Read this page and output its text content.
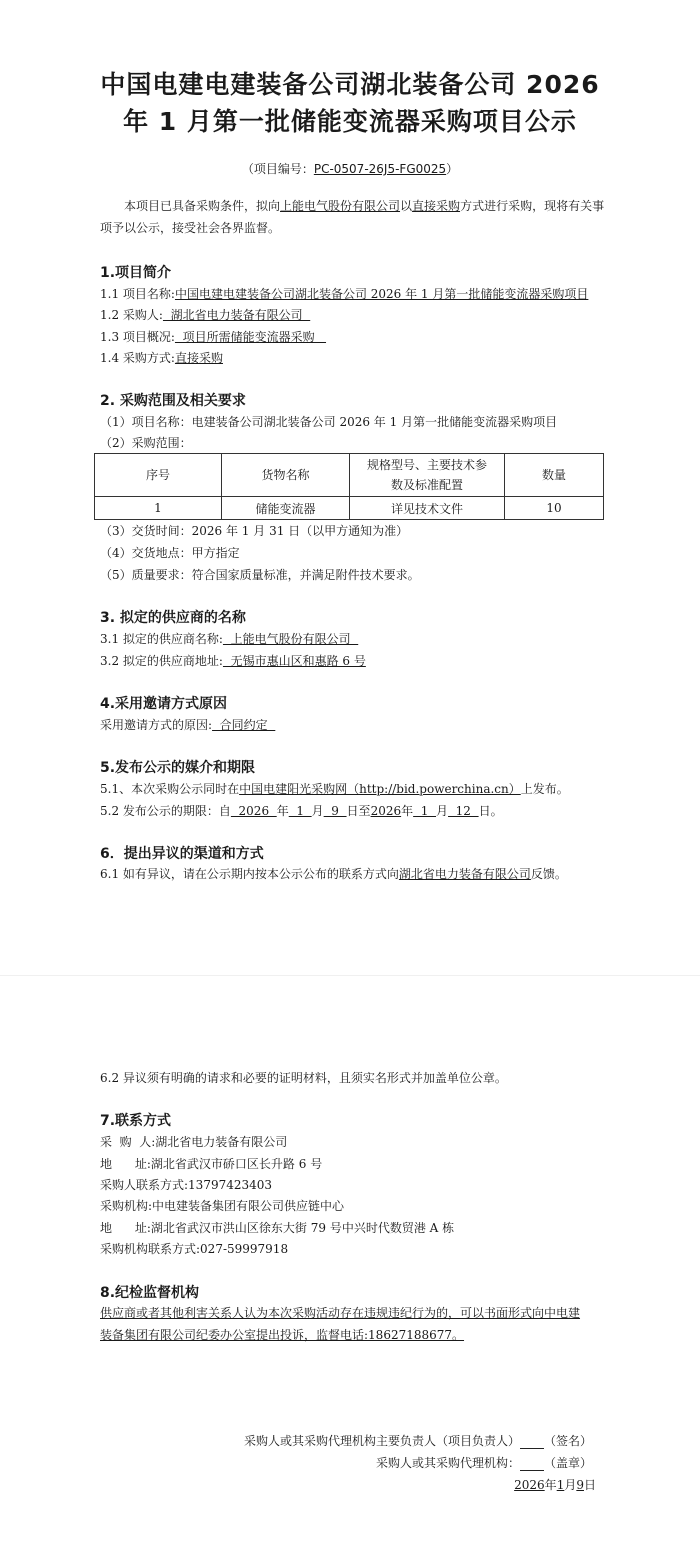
中国电建电建装备公司湖北装备公司 2026
年 1 月第一批储能变流器采购项目公示
（项目编号：PC-0507-26J5-FG0025）
本项目已具备采购条件，拟向上能电气股份有限公司以直接采购方式进行采购，现将有关事项予以公示，接受社会各界监督。
1.项目简介
1.1 项目名称:中国电建电建装备公司湖北装备公司 2026 年 1 月第一批储能变流器采购项目
1.2 采购人:  湖北省电力装备有限公司
1.3 项目概况:  项目所需储能变流器采购
1.4 采购方式:直接采购
2. 采购范围及相关要求
（1）项目名称：电建装备公司湖北装备公司 2026 年 1 月第一批储能变流器采购项目
（2）采购范围：
序号	货物名称	规格型号、主要技术参数及标准配置	数量
1	储能变流器	详见技术文件	10
（3）交货时间：2026 年 1 月 31 日（以甲方通知为准）
（4）交货地点：甲方指定
（5）质量要求：符合国家质量标准，并满足附件技术要求。
3. 拟定的供应商的名称
3.1 拟定的供应商名称:  上能电气股份有限公司
3.2 拟定的供应商地址:  无锡市惠山区和惠路 6 号
4.采用邀请方式原因
采用邀请方式的原因:  合同约定
5.发布公示的媒介和期限
5.1、本次采购公示同时在中国电建阳光采购网（http://bid.powerchina.cn）上发布。
5.2 发布公示的期限：自  2026  年  1  月  9  日至2026年  1  月  12  日。
6．提出异议的渠道和方式
6.1 如有异议，请在公示期内按本公示公布的联系方式向湖北省电力装备有限公司反馈。
6.2 异议须有明确的请求和必要的证明材料，且须实名形式并加盖单位公章。
7.联系方式
采  购  人:湖北省电力装备有限公司
地      址:湖北省武汉市硚口区长升路 6 号
采购人联系方式:13797423403
采购机构:中电建装备集团有限公司供应链中心
地      址:湖北省武汉市洪山区徐东大街 79 号中兴时代数贸港 A 栋
采购机构联系方式:027-59997918
8.纪检监督机构
供应商或者其他利害关系人认为本次采购活动存在违规违纪行为的，可以书面形式向中电建
装备集团有限公司纪委办公室提出投诉，监督电话:18627188677。
采购人或其采购代理机构主要负责人（项目负责人） （签名）
采购人或其采购代理机构： （盖章）
2026年1月9日
